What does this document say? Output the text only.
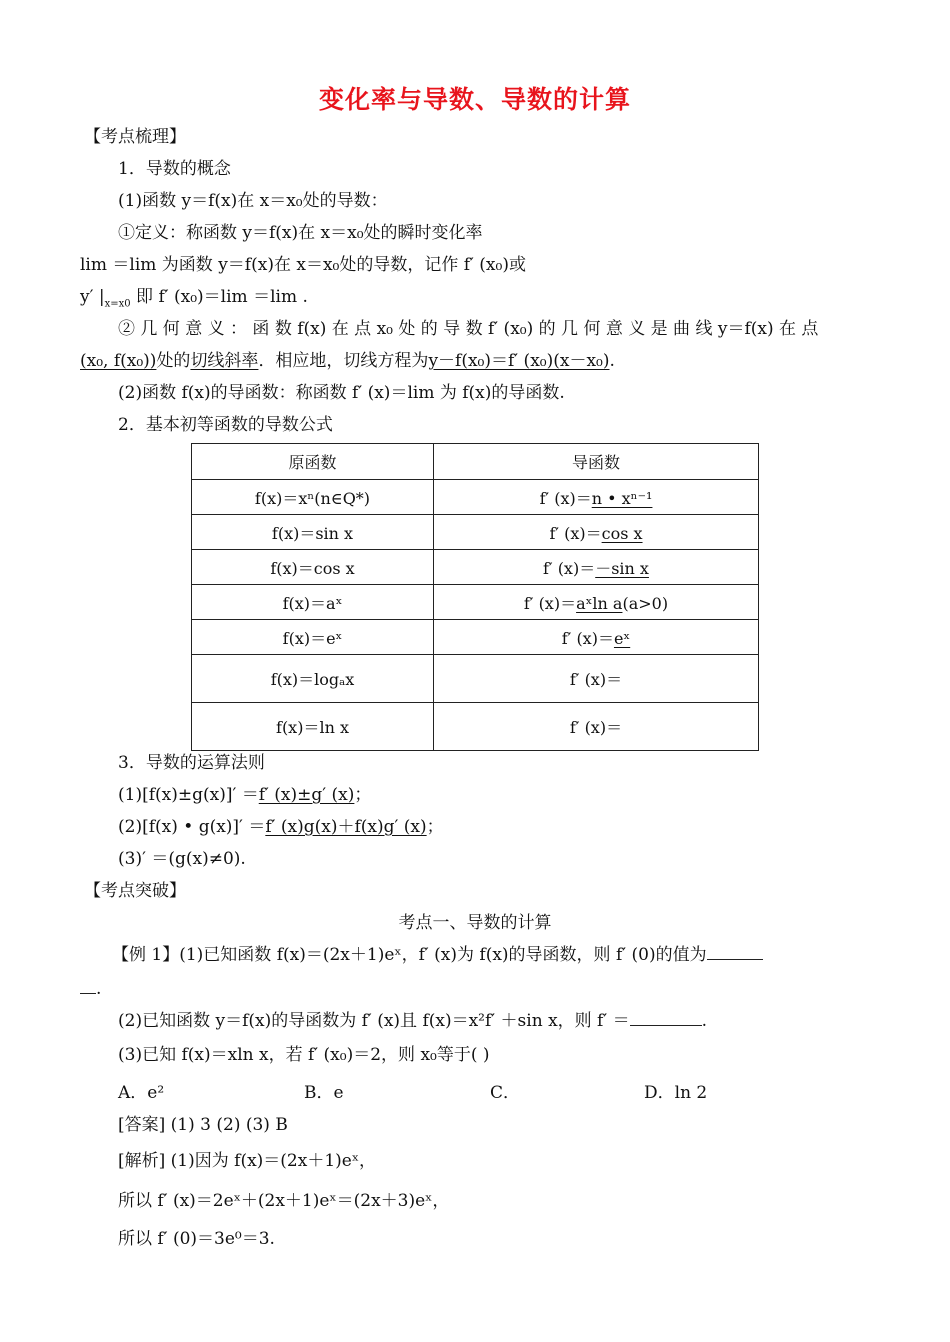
变化率与导数、导数的计算
【考点梳理】
1．导数的概念
(1)函数 y＝f(x)在 x＝x₀处的导数：
①定义：称函数 y＝f(x)在 x＝x₀处的瞬时变化率
lim ＝lim 为函数 y＝f(x)在 x＝x₀处的导数，记作 f′ (x₀)或
y′ $|_{x=x0}$ 即 f′ (x₀)＝lim ＝lim .
② 几 何 意 义 ： 函 数 f(x) 在 点 x₀ 处 的 导 数 f′ (x₀) 的 几 何 意 义 是 曲 线 y＝f(x) 在 点
(x₀, f(x₀))处的切线斜率．相应地，切线方程为y－f(x₀)＝f′ (x₀)(x－x₀).
(2)函数 f(x)的导函数：称函数 f′ (x)＝lim 为 f(x)的导函数.
2．基本初等函数的导数公式
原函数	导函数
f(x)＝xⁿ(n∈Q*)	f′ (x)＝n • xⁿ⁻¹
f(x)＝sin x	f′ (x)＝cos x
f(x)＝cos x	f′ (x)＝－sin x
f(x)＝aˣ	f′ (x)＝aˣln a(a>0)
f(x)＝eˣ	f′ (x)＝eˣ
f(x)＝logₐx	f′ (x)＝
f(x)＝ln x	f′ (x)＝
3．导数的运算法则
(1)[f(x)±g(x)]′ ＝f′ (x)±g′ (x)；
(2)[f(x) • g(x)]′ ＝f′ (x)g(x)＋f(x)g′ (x)；
(3)′ ＝(g(x)≠0).
【考点突破】
考点一、导数的计算
【例 1】(1)已知函数 f(x)＝(2x＋1)eˣ，f′ (x)为 f(x)的导函数，则 f′ (0)的值为
.
(2)已知函数 y＝f(x)的导函数为 f′ (x)且 f(x)＝x²f′ ＋sin x，则 f′ ＝	.
(3)已知 f(x)＝xln x，若 f′ (x₀)＝2，则 x₀等于( )
A．e²	B．e	C．	D．ln 2
[答案] (1) 3 (2) (3) B
[解析] (1)因为 f(x)＝(2x＋1)eˣ，
所以 f′ (x)＝2eˣ＋(2x＋1)eˣ＝(2x＋3)eˣ，
所以 f′ (0)＝3e⁰＝3.
